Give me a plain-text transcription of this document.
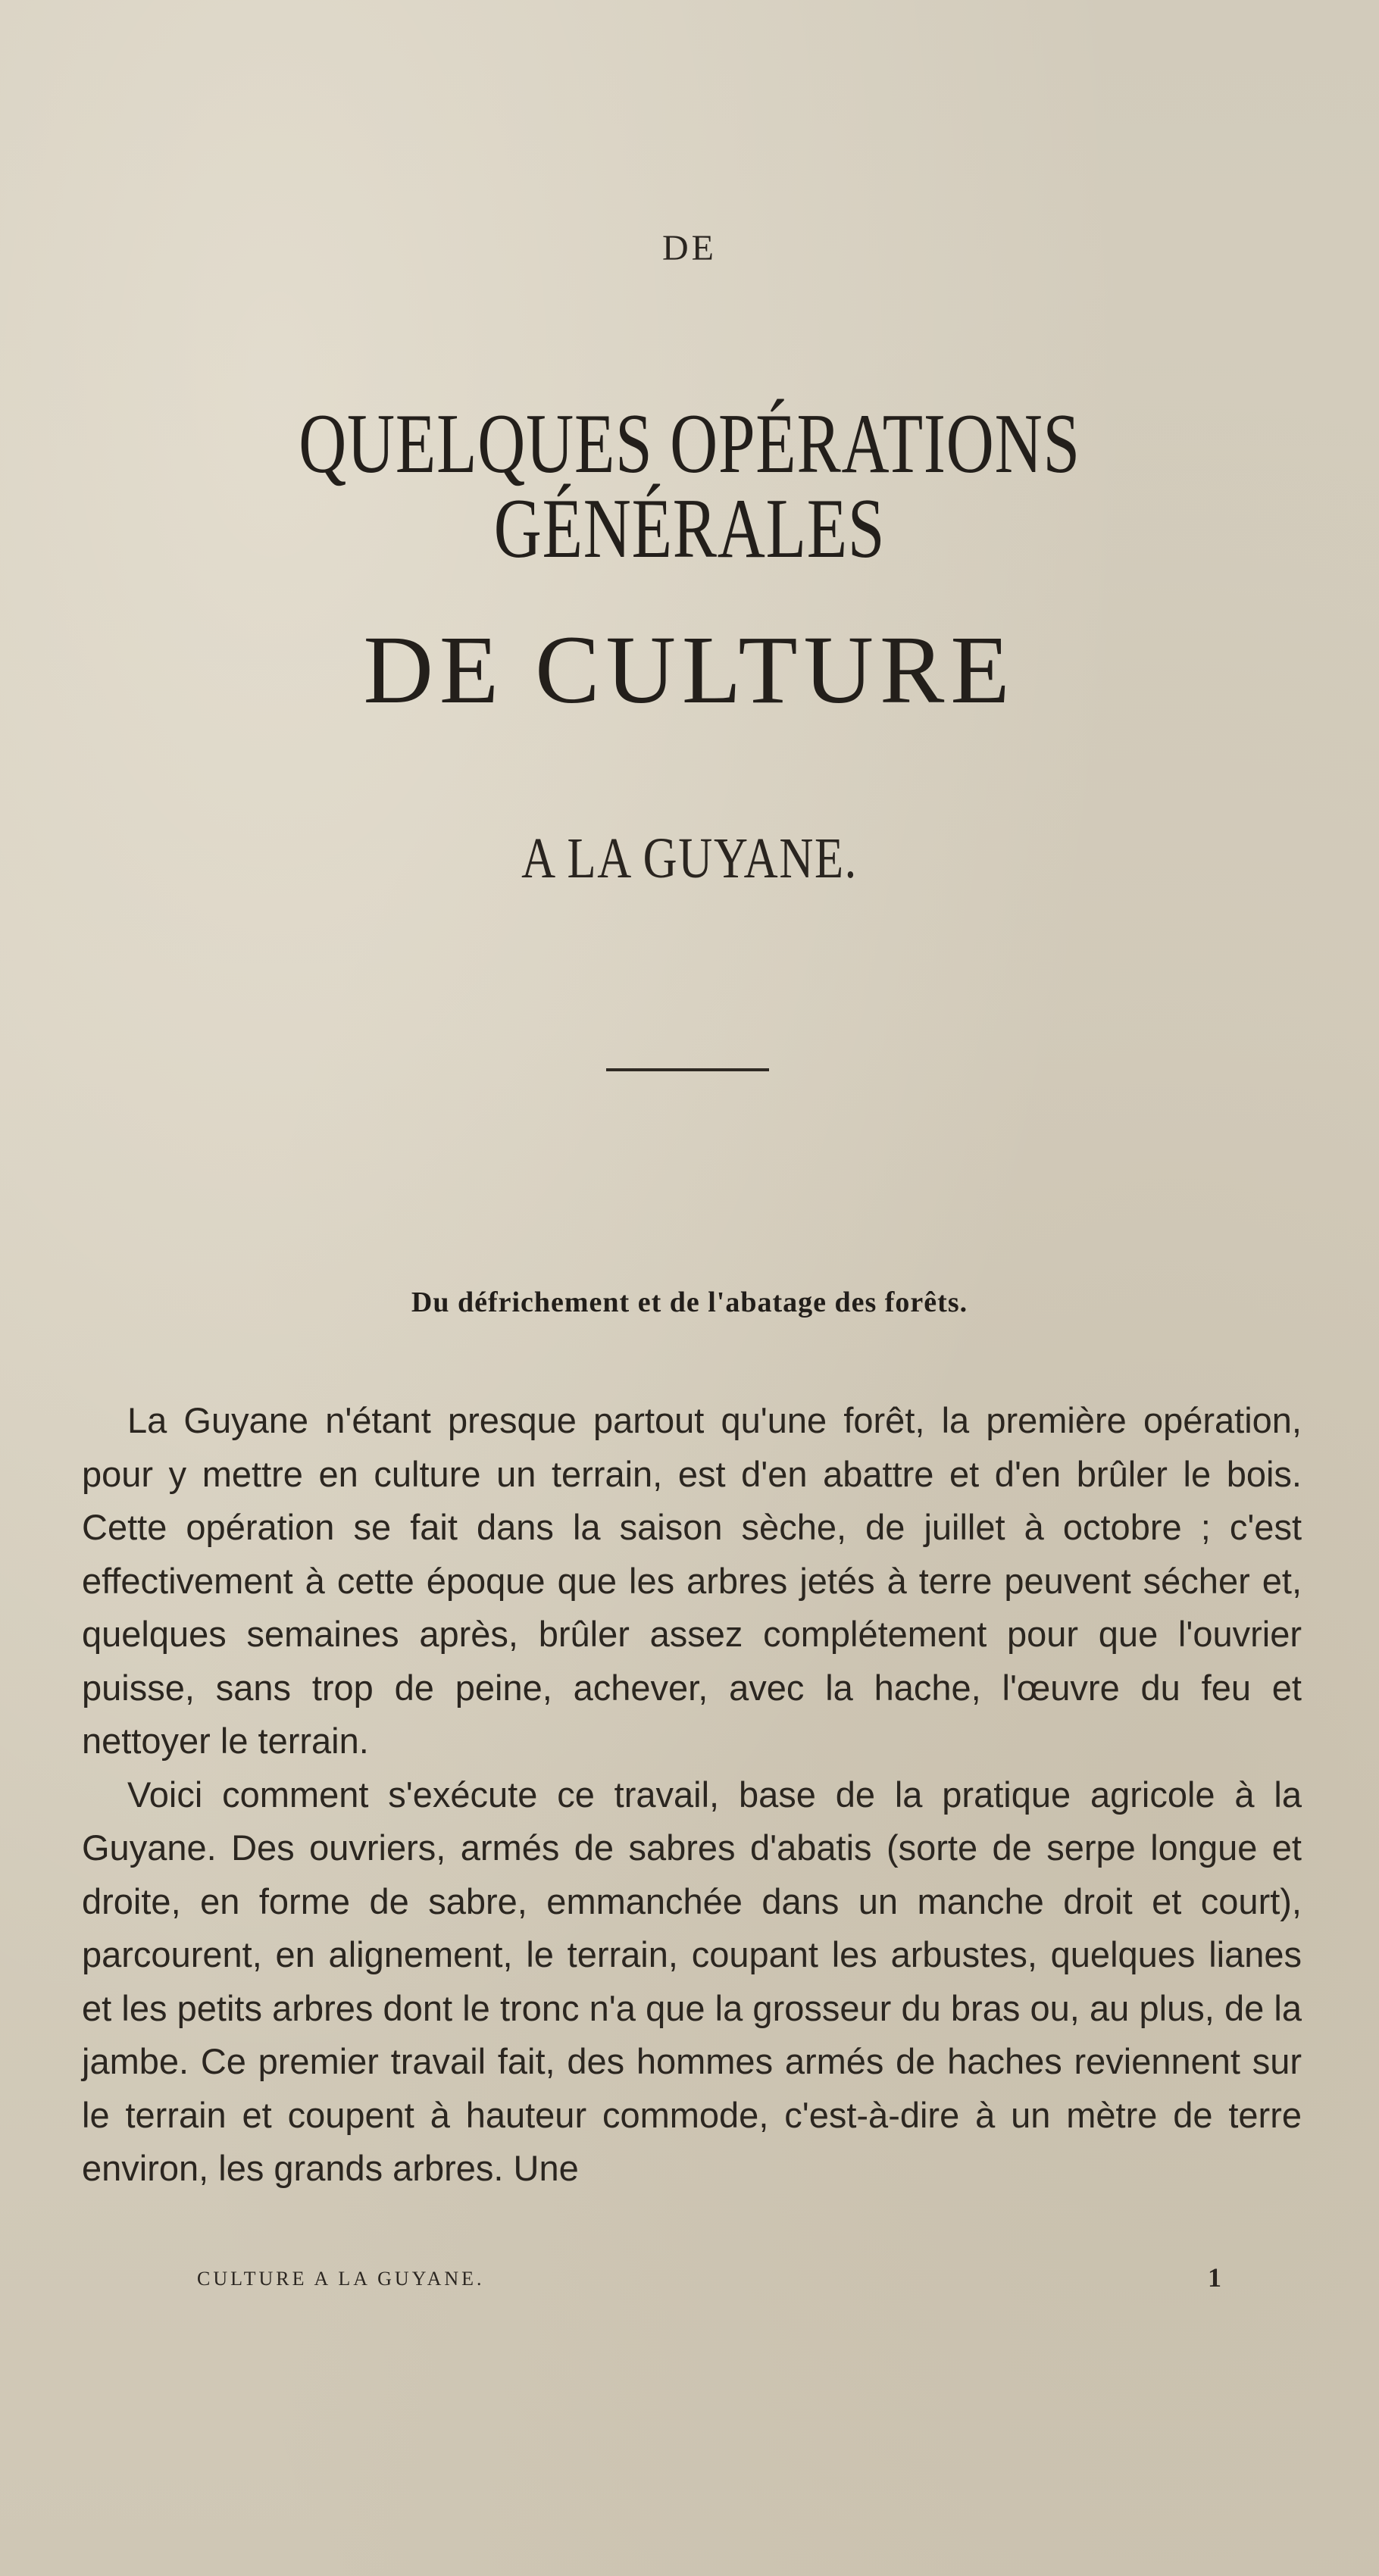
DE
QUELQUES OPÉRATIONS GÉNÉRALES
DE CULTURE
A LA GUYANE.
Du défrichement et de l'abatage des forêts.

La Guyane n'étant presque partout qu'une forêt, la première opération, pour y mettre en culture un terrain, est d'en abattre et d'en brûler le bois. Cette opération se fait dans la saison sèche, de juillet à octobre ; c'est effectivement à cette époque que les arbres jetés à terre peuvent sécher et, quelques semaines après, brûler assez complétement pour que l'ouvrier puisse, sans trop de peine, achever, avec la hache, l'œuvre du feu et nettoyer le terrain.

Voici comment s'exécute ce travail, base de la pratique agricole à la Guyane. Des ouvriers, armés de sabres d'abatis (sorte de serpe longue et droite, en forme de sabre, emmanchée dans un manche droit et court), parcourent, en alignement, le terrain, coupant les arbustes, quelques lianes et les petits arbres dont le tronc n'a que la grosseur du bras ou, au plus, de la jambe. Ce premier travail fait, des hommes armés de haches reviennent sur le terrain et coupent à hauteur commode, c'est-à-dire à un mètre de terre environ, les grands arbres. Une

CULTURE A LA GUYANE.	1
